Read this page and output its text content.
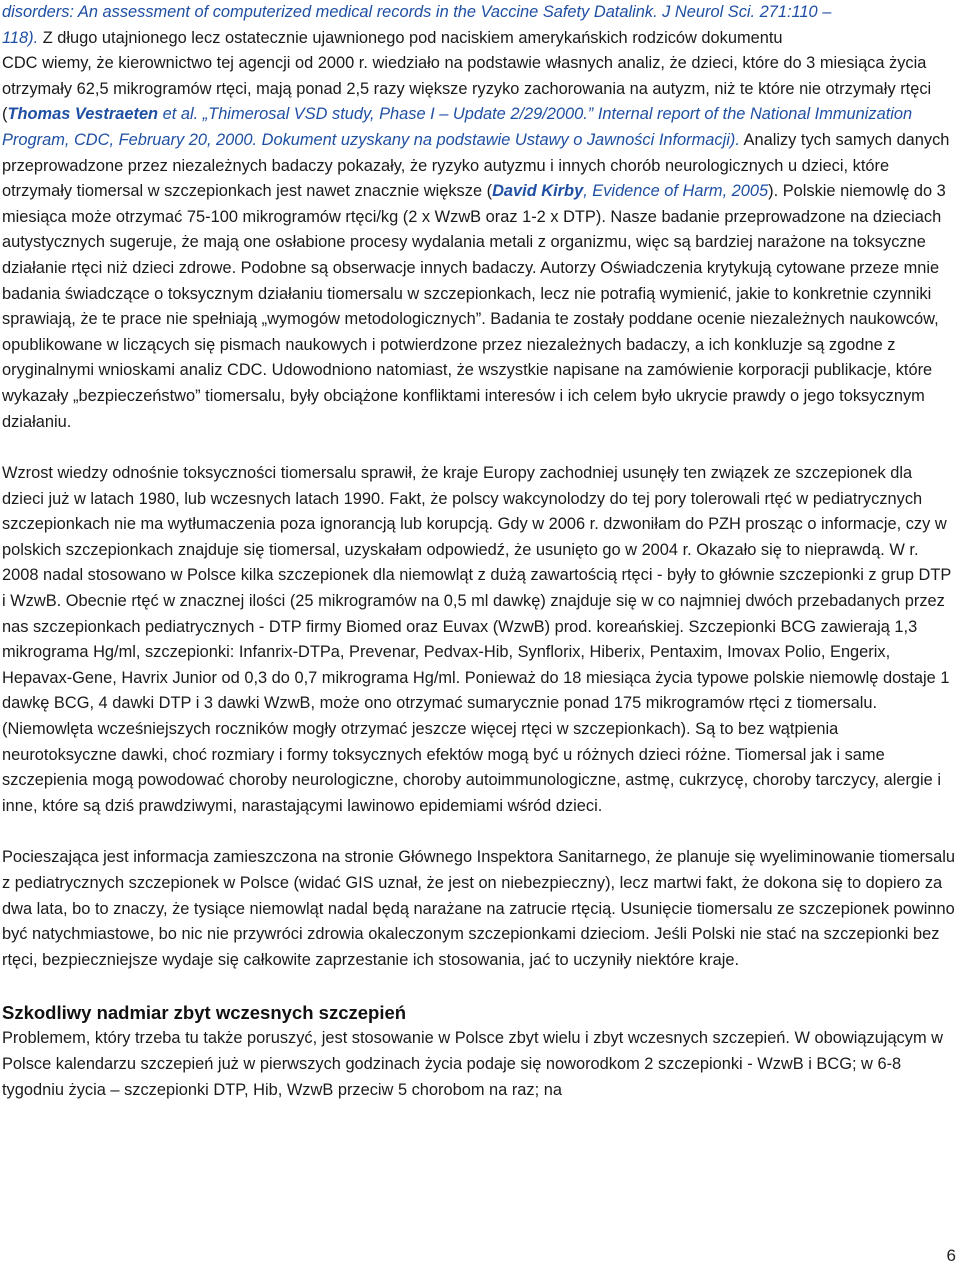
disorders: An assessment of computerized medical records in the Vaccine Safety Datalink. J Neurol Sci. 271:110 –
118). Z długo utajnionego lecz ostatecznie ujawnionego pod naciskiem amerykańskich rodziców dokumentu
CDC wiemy, że kierownictwo tej agencji od 2000 r. wiedziało na podstawie własnych analiz, że dzieci, które do 3 miesiąca życia otrzymały 62,5 mikrogramów rtęci, mają ponad 2,5 razy większe ryzyko zachorowania na autyzm, niż te które nie otrzymały rtęci (Thomas Vestraeten et al. „Thimerosal VSD study, Phase I – Update 2/29/2000.” Internal report of the National Immunization Program, CDC, February 20, 2000. Dokument uzyskany na podstawie Ustawy o Jawności Informacji). Analizy tych samych danych przeprowadzone przez niezależnych badaczy pokazały, że ryzyko autyzmu i innych chorób neurologicznych u dzieci, które otrzymały tiomersal w szczepionkach jest nawet znacznie większe (David Kirby, Evidence of Harm, 2005). Polskie niemowlę do 3 miesiąca może otrzymać 75-100 mikrogramów rtęci/kg (2 x WzwB oraz 1-2 x DTP). Nasze badanie przeprowadzone na dzieciach autystycznych sugeruje, że mają one osłabione procesy wydalania metali z organizmu, więc są bardziej narażone na toksyczne działanie rtęci niż dzieci zdrowe. Podobne są obserwacje innych badaczy. Autorzy Oświadczenia krytykują cytowane przeze mnie badania świadczące o toksycznym działaniu tiomersalu w szczepionkach, lecz nie potrafią wymienić, jakie to konkretnie czynniki sprawiają, że te prace nie spełniają „wymogów metodologicznych”. Badania te zostały poddane ocenie niezależnych naukowców, opublikowane w liczących się pismach naukowych i potwierdzone przez niezależnych badaczy, a ich konkluzje są zgodne z oryginalnymi wnioskami analiz CDC. Udowodniono natomiast, że wszystkie napisane na zamówienie korporacji publikacje, które wykazały „bezpieczeństwo” tiomersalu, były obciążone konfliktami interesów i ich celem było ukrycie prawdy o jego toksycznym działaniu.

Wzrost wiedzy odnośnie toksyczności tiomersalu sprawił, że kraje Europy zachodniej usunęły ten związek ze szczepionek dla dzieci już w latach 1980, lub wczesnych latach 1990. Fakt, że polscy wakcynolodzy do tej pory tolerowali rtęć w pediatrycznych szczepionkach nie ma wytłumaczenia poza ignorancją lub korupcją. Gdy w 2006 r. dzwoniłam do PZH prosząc o informacje, czy w polskich szczepionkach znajduje się tiomersal, uzyskałam odpowiedź, że usunięto go w 2004 r. Okazało się to nieprawdą. W r. 2008 nadal stosowano w Polsce kilka szczepionek dla niemowląt z dużą zawartością rtęci - były to głównie szczepionki z grup DTP i WzwB. Obecnie rtęć w znacznej ilości (25 mikrogramów na 0,5 ml dawkę) znajduje się w co najmniej dwóch przebadanych przez nas szczepionkach pediatrycznych - DTP firmy Biomed oraz Euvax (WzwB) prod. koreańskiej. Szczepionki BCG zawierają 1,3 mikrograma Hg/ml, szczepionki: Infanrix-DTPa, Prevenar, Pedvax-Hib, Synflorix, Hiberix, Pentaxim, Imovax Polio, Engerix, Hepavax-Gene, Havrix Junior od 0,3 do 0,7 mikrograma Hg/ml. Ponieważ do 18 miesiąca życia typowe polskie niemowlę dostaje 1 dawkę BCG, 4 dawki DTP i 3 dawki WzwB, może ono otrzymać sumarycznie ponad 175 mikrogramów rtęci z tiomersalu. (Niemowlęta wcześniejszych roczników mogły otrzymać jeszcze więcej rtęci w szczepionkach). Są to bez wątpienia neurotoksyczne dawki, choć rozmiary i formy toksycznych efektów mogą być u różnych dzieci różne. Tiomersal jak i same szczepienia mogą powodować choroby neurologiczne, choroby autoimmunologiczne, astmę, cukrzycę, choroby tarczycy, alergie i inne, które są dziś prawdziwymi, narastającymi lawinowo epidemiami wśród dzieci.

Pocieszająca jest informacja zamieszczona na stronie Głównego Inspektora Sanitarnego, że planuje się wyeliminowanie tiomersalu z pediatrycznych szczepionek w Polsce (widać GIS uznał, że jest on niebezpieczny), lecz martwi fakt, że dokona się to dopiero za dwa lata, bo to znaczy, że tysiące niemowląt nadal będą narażane na zatrucie rtęcią. Usunięcie tiomersalu ze szczepionek powinno być natychmiastowe, bo nic nie przywróci zdrowia okaleczonym szczepionkami dzieciom. Jeśli Polski nie stać na szczepionki bez rtęci, bezpieczniejsze wydaje się całkowite zaprzestanie ich stosowania, jać to uczyniły niektóre kraje.

Szkodliwy nadmiar zbyt wczesnych szczepień

Problemem, który trzeba tu także poruszyć, jest stosowanie w Polsce zbyt wielu i zbyt wczesnych szczepień. W obowiązującym w Polsce kalendarzu szczepień już w pierwszych godzinach życia podaje się noworodkom 2 szczepionki - WzwB i BCG; w 6-8 tygodniu życia – szczepionki DTP, Hib, WzwB przeciw 5 chorobom na raz; na

6
